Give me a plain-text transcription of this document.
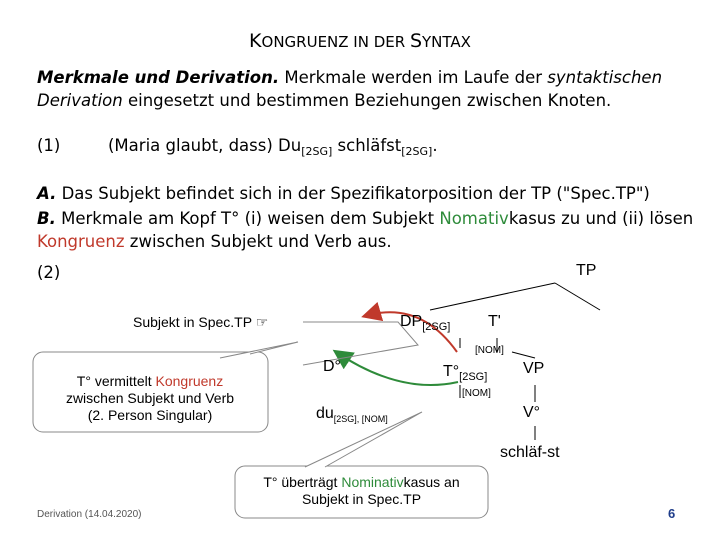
KONGRUENZ IN DER SYNTAX
Merkmale und Derivation. Merkmale werden im Laufe der syntaktischen Derivation eingesetzt und bestimmen Beziehungen zwischen Knoten.
(1)	(Maria glaubt, dass) $Du_{[2SG]}$ schläfst$_{[2SG]}$.
A. Das Subjekt befindet sich in der Spezifikatorposition der TP ("Spec.TP")
B. Merkmale am Kopf T° (i) weisen dem Subjekt Nomativkasus zu und (ii) lösen
Kongruenz zwischen Subjekt und Verb aus.
(2)	TP
$DP_{[2SG]}$ T'
[NOM]
D°	$T^\circ_{[2SG]}$ VP
[NOM]
$du_{[2SG], [NOM]}$	V°
schläf-st
Subjekt in Spec.TP ☞
T° vermittelt Kongruenz
zwischen Subjekt und Verb
(2. Person Singular)
T° überträgt Nominativkasus an
Subjekt in Spec.TP
Derivation (14.04.2020)	6
